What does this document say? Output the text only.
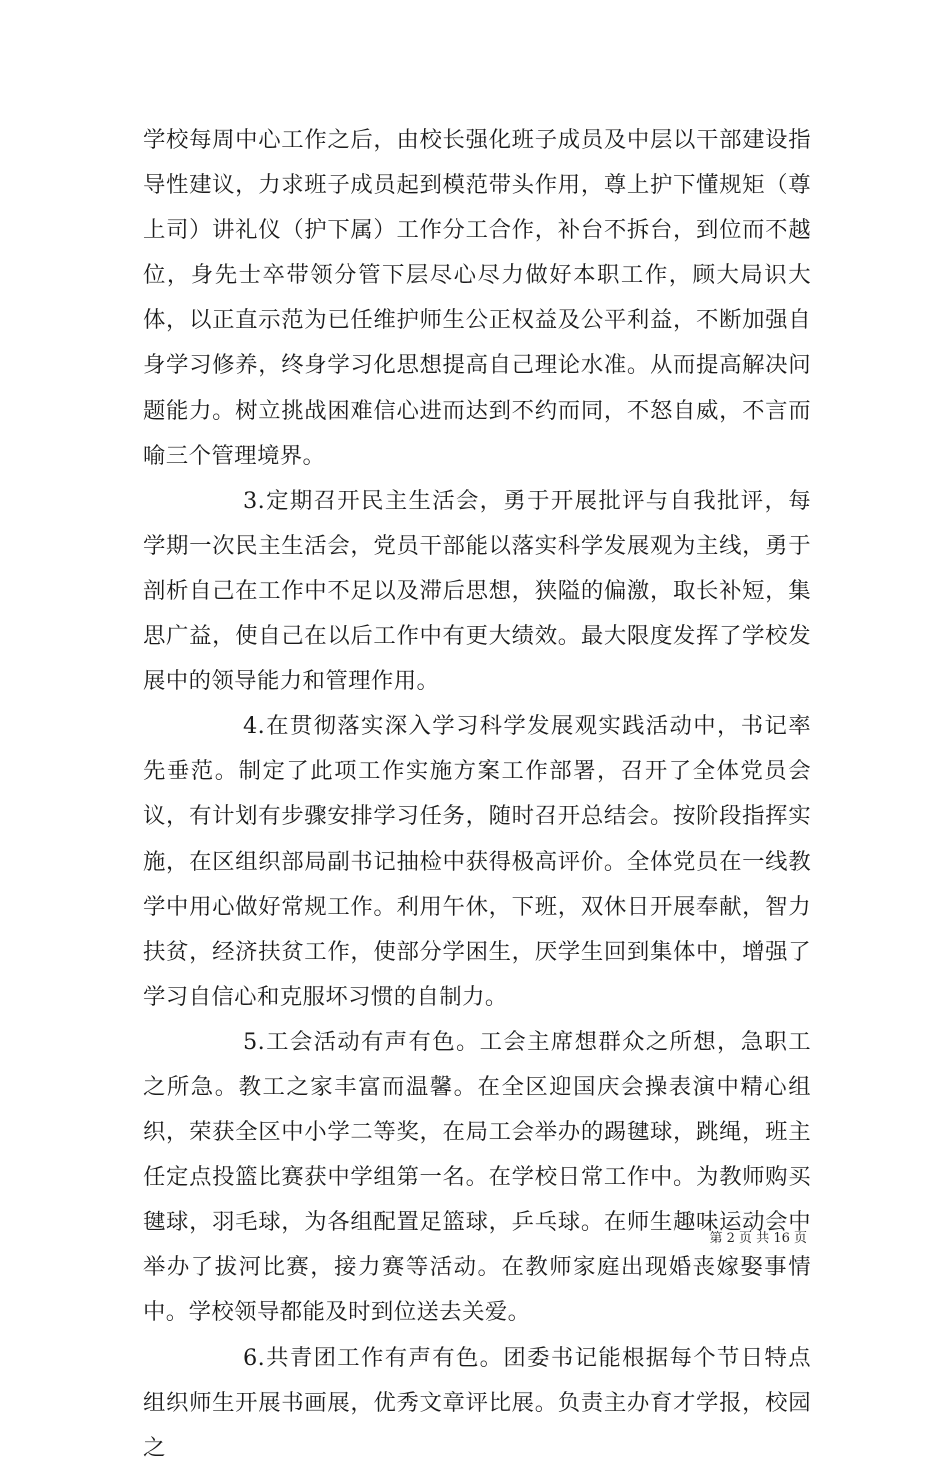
学校每周中心工作之后，由校长强化班子成员及中层以干部建设指导性建议，力求班子成员起到模范带头作用，尊上护下懂规矩（尊上司）讲礼仪（护下属）工作分工合作，补台不拆台，到位而不越位，身先士卒带领分管下层尽心尽力做好本职工作，顾大局识大体，以正直示范为已任维护师生公正权益及公平利益，不断加强自身学习修养，终身学习化思想提高自己理论水准。从而提高解决问题能力。树立挑战困难信心进而达到不约而同，不怒自威，不言而喻三个管理境界。

3.定期召开民主生活会，勇于开展批评与自我批评，每学期一次民主生活会，党员干部能以落实科学发展观为主线，勇于剖析自己在工作中不足以及滞后思想，狭隘的偏激，取长补短，集思广益，使自己在以后工作中有更大绩效。最大限度发挥了学校发展中的领导能力和管理作用。

4.在贯彻落实深入学习科学发展观实践活动中，书记率先垂范。制定了此项工作实施方案工作部署，召开了全体党员会议，有计划有步骤安排学习任务，随时召开总结会。按阶段指挥实施，在区组织部局副书记抽检中获得极高评价。全体党员在一线教学中用心做好常规工作。利用午休，下班，双休日开展奉献，智力扶贫，经济扶贫工作，使部分学困生，厌学生回到集体中，增强了学习自信心和克服坏习惯的自制力。

5.工会活动有声有色。工会主席想群众之所想，急职工之所急。教工之家丰富而温馨。在全区迎国庆会操表演中精心组织，荣获全区中小学二等奖，在局工会举办的踢毽球，跳绳，班主任定点投篮比赛获中学组第一名。在学校日常工作中。为教师购买毽球，羽毛球，为各组配置足篮球，乒乓球。在师生趣味运动会中举办了拔河比赛，接力赛等活动。在教师家庭出现婚丧嫁娶事情中。学校领导都能及时到位送去关爱。

6.共青团工作有声有色。团委书记能根据每个节日特点组织师生开展书画展，优秀文章评比展。负责主办育才学报，校园之

第 2 页 共 16 页
